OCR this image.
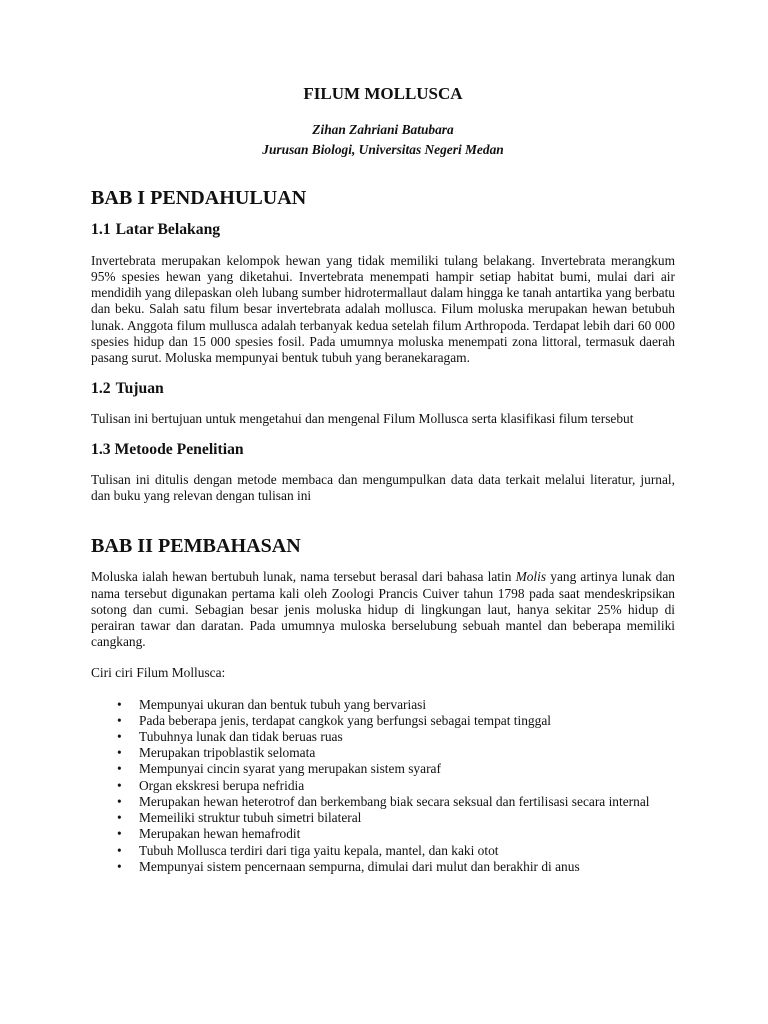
FILUM MOLLUSCA

Zihan Zahriani Batubara

Jurusan Biologi, Universitas Negeri Medan

BAB I PENDAHULUAN
1.1 Latar Belakang

Invertebrata merupakan kelompok hewan yang tidak memiliki tulang belakang. Invertebrata merangkum 95% spesies hewan yang diketahui. Invertebrata menempati hampir setiap habitat bumi, mulai dari air mendidih yang dilepaskan oleh lubang sumber hidrotermallaut dalam hingga ke tanah antartika yang berbatu dan beku. Salah satu filum besar invertebrata adalah mollusca. Filum moluska merupakan hewan betubuh lunak. Anggota filum mullusca adalah terbanyak kedua setelah filum Arthropoda. Terdapat lebih dari 60 000 spesies hidup dan 15 000 spesies fosil. Pada umumnya moluska menempati zona littoral, termasuk daerah pasang surut. Moluska mempunyai bentuk tubuh yang beranekaragam.

1.2 Tujuan

Tulisan ini bertujuan untuk mengetahui dan mengenal Filum Mollusca serta klasifikasi filum tersebut

1.3 Metoode Penelitian

Tulisan ini ditulis dengan metode membaca dan mengumpulkan data data terkait melalui literatur, jurnal, dan buku yang relevan dengan tulisan ini

BAB II PEMBAHASAN

Moluska ialah hewan bertubuh lunak, nama tersebut berasal dari bahasa latin Molis yang artinya lunak dan nama tersebut digunakan pertama kali oleh Zoologi Prancis Cuiver tahun 1798 pada saat mendeskripsikan sotong dan cumi. Sebagian besar jenis moluska hidup di lingkungan laut, hanya sekitar 25% hidup di perairan tawar dan daratan. Pada umumnya muloska berselubung sebuah mantel dan beberapa memiliki cangkang.

Ciri ciri Filum Mollusca:

• Mempunyai ukuran dan bentuk tubuh yang bervariasi
• Pada beberapa jenis, terdapat cangkok yang berfungsi sebagai tempat tinggal
• Tubuhnya lunak dan tidak beruas ruas
• Merupakan tripoblastik selomata
• Mempunyai cincin syarat yang merupakan sistem syaraf
• Organ ekskresi berupa nefridia
• Merupakan hewan heterotrof dan berkembang biak secara seksual dan fertilisasi secara internal
• Memeiliki struktur tubuh simetri bilateral
• Merupakan hewan hemafrodit
• Tubuh Mollusca terdiri dari tiga yaitu kepala, mantel, dan kaki otot
• Mempunyai sistem pencernaan sempurna, dimulai dari mulut dan berakhir di anus
